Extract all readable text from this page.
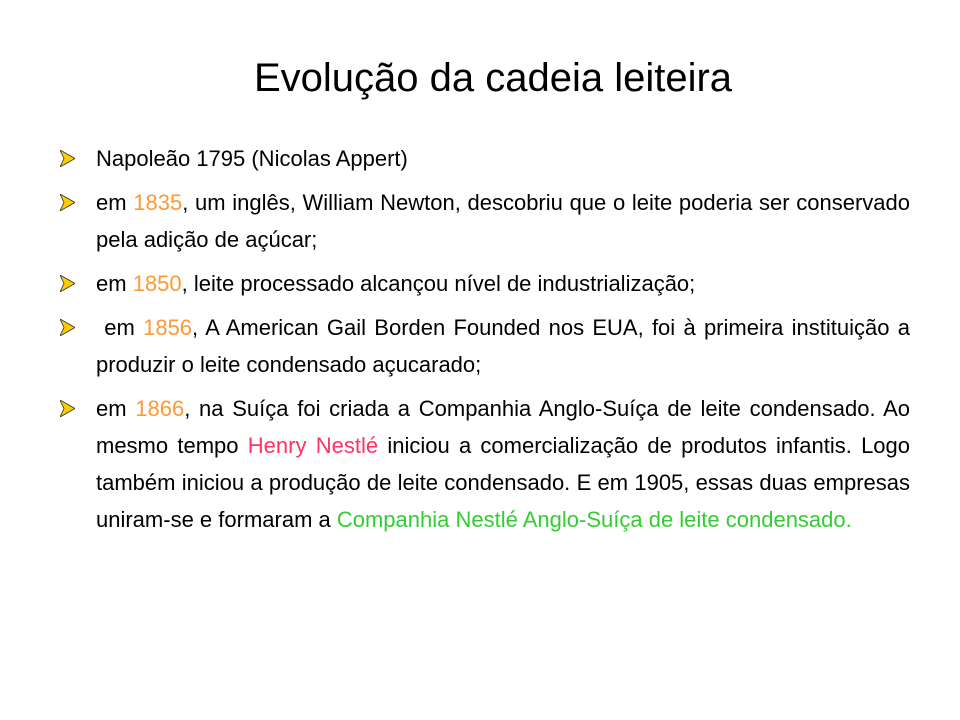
Evolução da cadeia leiteira
Napoleão 1795 (Nicolas Appert)
em 1835, um inglês, William Newton, descobriu que o leite poderia ser conservado pela adição de açúcar;
em 1850, leite processado alcançou nível de industrialização;
em 1856, A American Gail Borden Founded nos EUA, foi à primeira instituição a produzir o leite condensado açucarado;
em 1866, na Suíça foi criada a Companhia Anglo-Suíça de leite condensado. Ao mesmo tempo Henry Nestlé iniciou a comercialização de produtos infantis. Logo também iniciou a produção de leite condensado. E em 1905, essas duas empresas uniram-se e formaram a Companhia Nestlé Anglo-Suíça de leite condensado.
